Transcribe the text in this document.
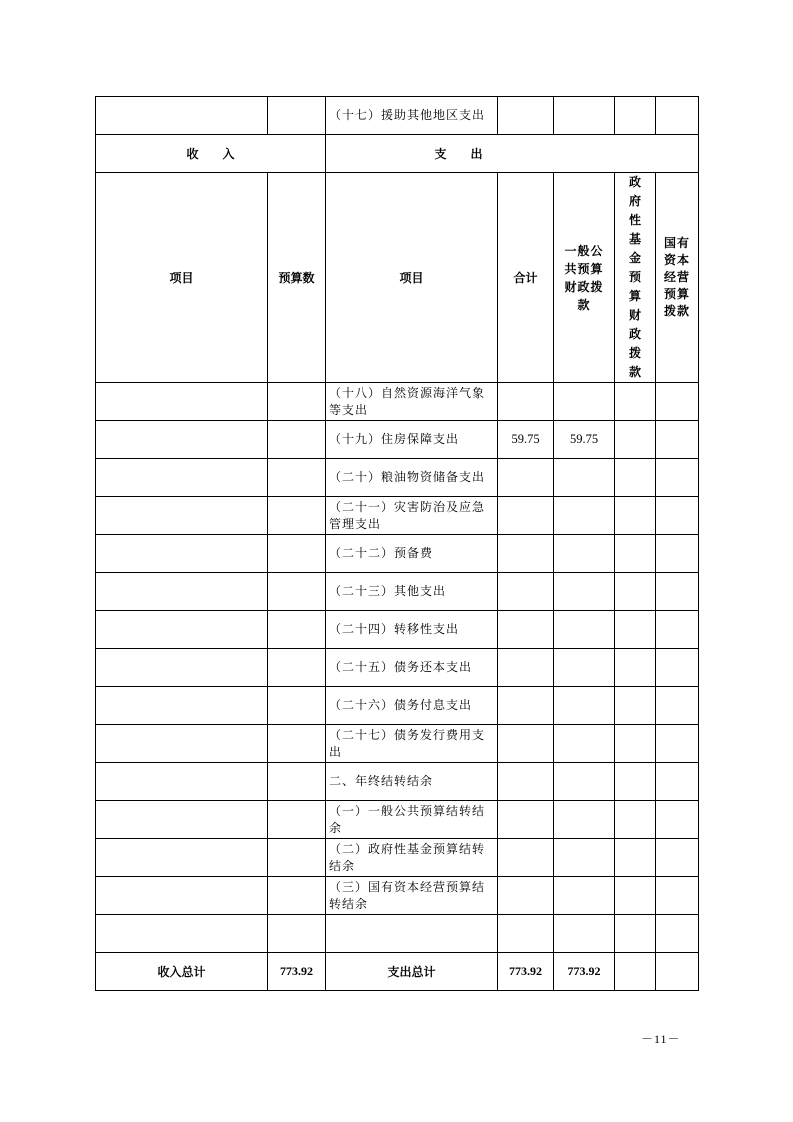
		（十七）援助其他地区支出				
收　　入		支　　出				
项目	预算数	项目	合计	一般公共预算财政拨款	政府性基金预算财政拨款	国有资本经营预算拨款
		（十八）自然资源海洋气象等支出				
		（十九）住房保障支出	59.75	59.75		
		（二十）粮油物资储备支出				
		（二十一）灾害防治及应急管理支出				
		（二十二）预备费				
		（二十三）其他支出				
		（二十四）转移性支出				
		（二十五）债务还本支出				
		（二十六）债务付息支出				
		（二十七）债务发行费用支出				
		二、年终结转结余				
		（一）一般公共预算结转结余				
		（二）政府性基金预算结转结余				
		（三）国有资本经营预算结转结余				

收入总计	773.92	支出总计	773.92	773.92		
－11－
